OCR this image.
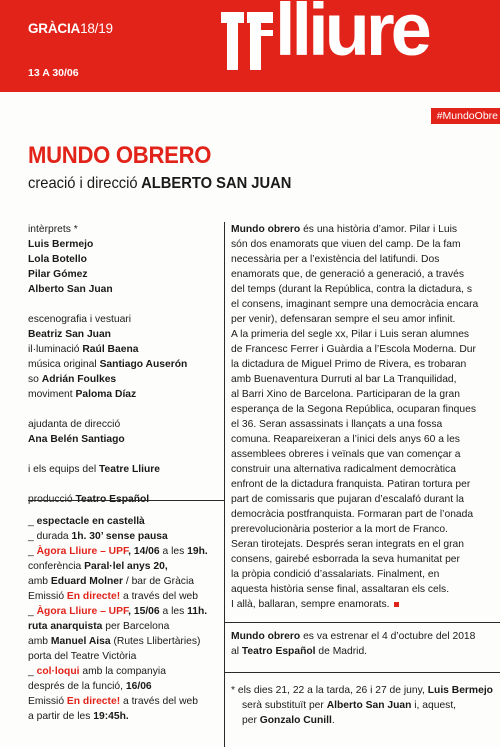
GRÀCIA18/19
13 A 30/06
lliure
#MundoObre
MUNDO OBRERO
creació i direcció ALBERTO SAN JUAN

intèrprets *

Luis Bermejo

Lola Botello

Pilar Gómez

Alberto San Juan

escenografia i vestuari

Beatriz San Juan

il·luminació Raúl Baena

música original Santiago Auserón

so Adrián Foulkes

moviment Paloma Díaz

ajudanta de direcció

Ana Belén Santiago

i els equips del Teatre Lliure

_ espectacle en castellà

_ durada 1h. 30’ sense pausa

_ Àgora Lliure – UPF, 14/06 a les 19h.

conferència Paral·lel anys 20,

amb Eduard Molner / bar de Gràcia

Emissió En directe! a través del web

_ Àgora Lliure – UPF, 15/06 a les 11h.

ruta anarquista per Barcelona

amb Manuel Aisa (Rutes Llibertàries)

porta del Teatre Victòria

_ col·loqui amb la companyia

després de la funció, 16/06

Emissió En directe! a través del web

a partir de les 19:45h.

Mundo obrero és una història d’amor. Pilar i Luis

són dos enamorats que viuen del camp. De la fam

necessària per a l’existència del latifundi. Dos

enamorats que, de generació a generació, a través

del temps (durant la República, contra la dictadura, s

el consens, imaginant sempre una democràcia encara

per venir), defensaran sempre el seu amor infinit.

A la primeria del segle xx, Pilar i Luis seran alumnes

de Francesc Ferrer i Guàrdia a l’Escola Moderna. Dur

la dictadura de Miguel Primo de Rivera, es trobaran

amb Buenaventura Durruti al bar La Tranquilidad,

al Barri Xino de Barcelona. Participaran de la gran

esperança de la Segona República, ocuparan finques

el 36. Seran assassinats i llançats a una fossa

comuna. Reapareixeran a l’inici dels anys 60 a les

assemblees obreres i veïnals que van començar a

construir una alternativa radicalment democràtica

enfront de la dictadura franquista. Patiran tortura per

part de comissaris que pujaran d’escalafó durant la

democràcia postfranquista. Formaran part de l’onada

prerevolucionària posterior a la mort de Franco.

Seran tirotejats. Després seran integrats en el gran

consens, gairebé esborrada la seva humanitat per

la pròpia condició d’assalariats. Finalment, en

aquesta història sense final, assaltaran els cels.

I allà, ballaran, sempre enamorats.

Mundo obrero es va estrenar el 4 d’octubre del 2018

al Teatro Español de Madrid.

* els dies 21, 22 a la tarda, 26 i 27 de juny, Luis Bermejo

serà substituït per Alberto San Juan i, aquest,

per Gonzalo Cunill.
